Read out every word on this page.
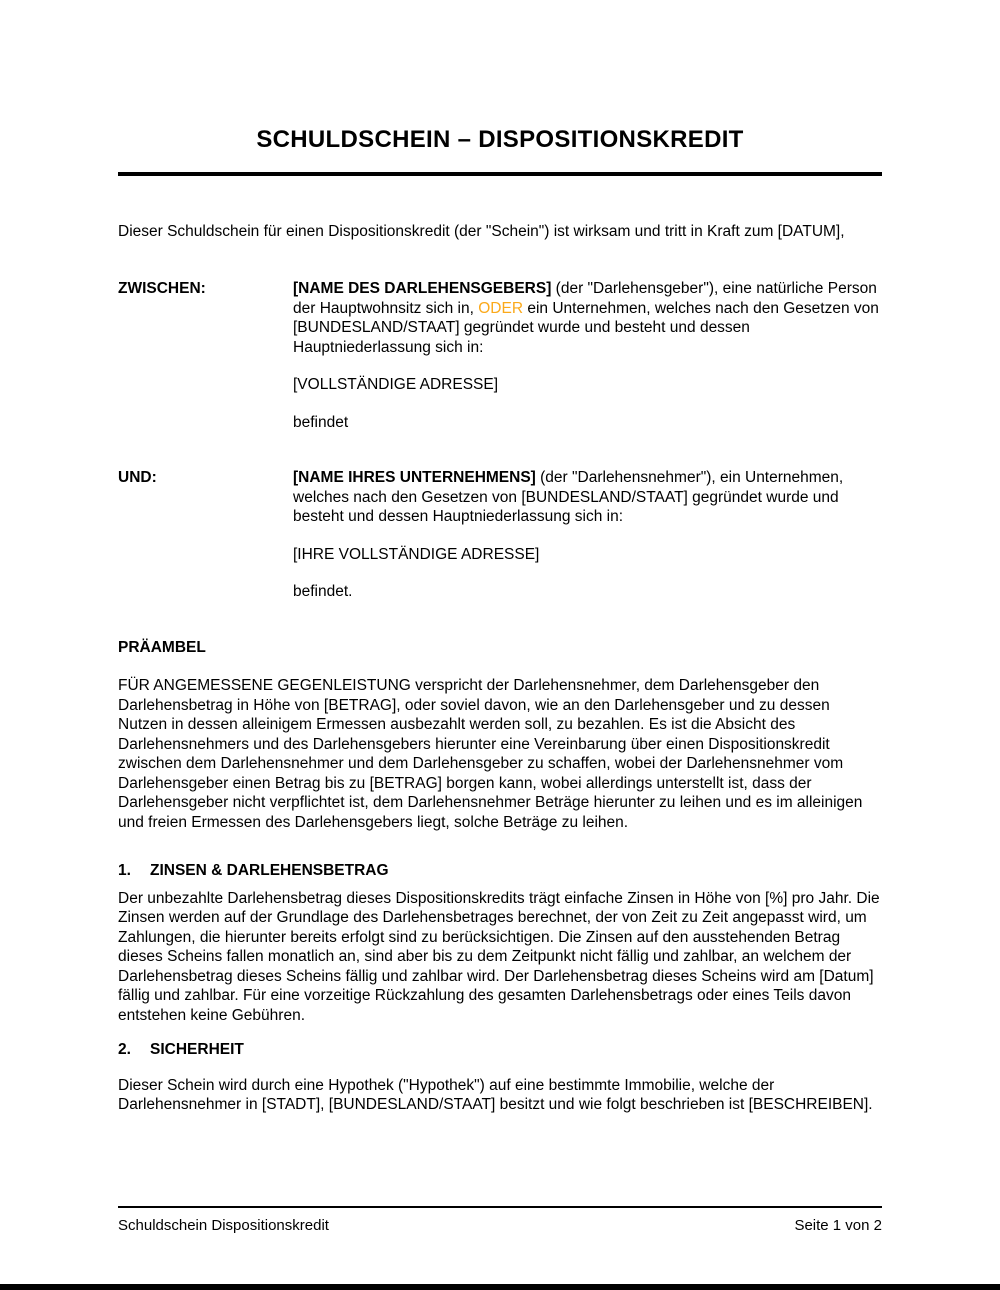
SCHULDSCHEIN – DISPOSITIONSKREDIT

Dieser Schuldschein für einen Dispositionskredit (der "Schein") ist wirksam und tritt in Kraft zum [DATUM],

ZWISCHEN:	[NAME DES DARLEHENSGEBERS] (der "Darlehensgeber"), eine natürliche Person der Hauptwohnsitz sich in, ODER ein Unternehmen, welches nach den Gesetzen von [BUNDESLAND/STAAT] gegründet wurde und besteht und dessen Hauptniederlassung sich in:

[VOLLSTÄNDIGE ADRESSE]

befindet

UND:	[NAME IHRES UNTERNEHMENS] (der "Darlehensnehmer"), ein Unternehmen, welches nach den Gesetzen von [BUNDESLAND/STAAT] gegründet wurde und besteht und dessen Hauptniederlassung sich in:

[IHRE VOLLSTÄNDIGE ADRESSE]

befindet.

PRÄAMBEL

FÜR ANGEMESSENE GEGENLEISTUNG verspricht der Darlehensnehmer, dem Darlehensgeber den Darlehensbetrag in Höhe von [BETRAG], oder soviel davon, wie an den Darlehensgeber und zu dessen Nutzen in dessen alleinigem Ermessen ausbezahlt werden soll, zu bezahlen. Es ist die Absicht des Darlehensnehmers und des Darlehensgebers hierunter eine Vereinbarung über einen Dispositionskredit zwischen dem Darlehensnehmer und dem Darlehensgeber zu schaffen, wobei der Darlehensnehmer vom Darlehensgeber einen Betrag bis zu [BETRAG] borgen kann, wobei allerdings unterstellt ist, dass der Darlehensgeber nicht verpflichtet ist, dem Darlehensnehmer Beträge hierunter zu leihen und es im alleinigen und freien Ermessen des Darlehensgebers liegt, solche Beträge zu leihen.

1.	ZINSEN & DARLEHENSBETRAG

Der unbezahlte Darlehensbetrag dieses Dispositionskredits trägt einfache Zinsen in Höhe von [%] pro Jahr. Die Zinsen werden auf der Grundlage des Darlehensbetrages berechnet, der von Zeit zu Zeit angepasst wird, um Zahlungen, die hierunter bereits erfolgt sind zu berücksichtigen. Die Zinsen auf den ausstehenden Betrag dieses Scheins fallen monatlich an, sind aber bis zu dem Zeitpunkt nicht fällig und zahlbar, an welchem der Darlehensbetrag dieses Scheins fällig und zahlbar wird. Der Darlehensbetrag dieses Scheins wird am [Datum] fällig und zahlbar. Für eine vorzeitige Rückzahlung des gesamten Darlehensbetrags oder eines Teils davon entstehen keine Gebühren.

2.	SICHERHEIT

Dieser Schein wird durch eine Hypothek ("Hypothek") auf eine bestimmte Immobilie, welche der Darlehensnehmer in [STADT], [BUNDESLAND/STAAT] besitzt und wie folgt beschrieben ist [BESCHREIBEN].

Schuldschein Dispositionskredit	Seite 1 von 2
